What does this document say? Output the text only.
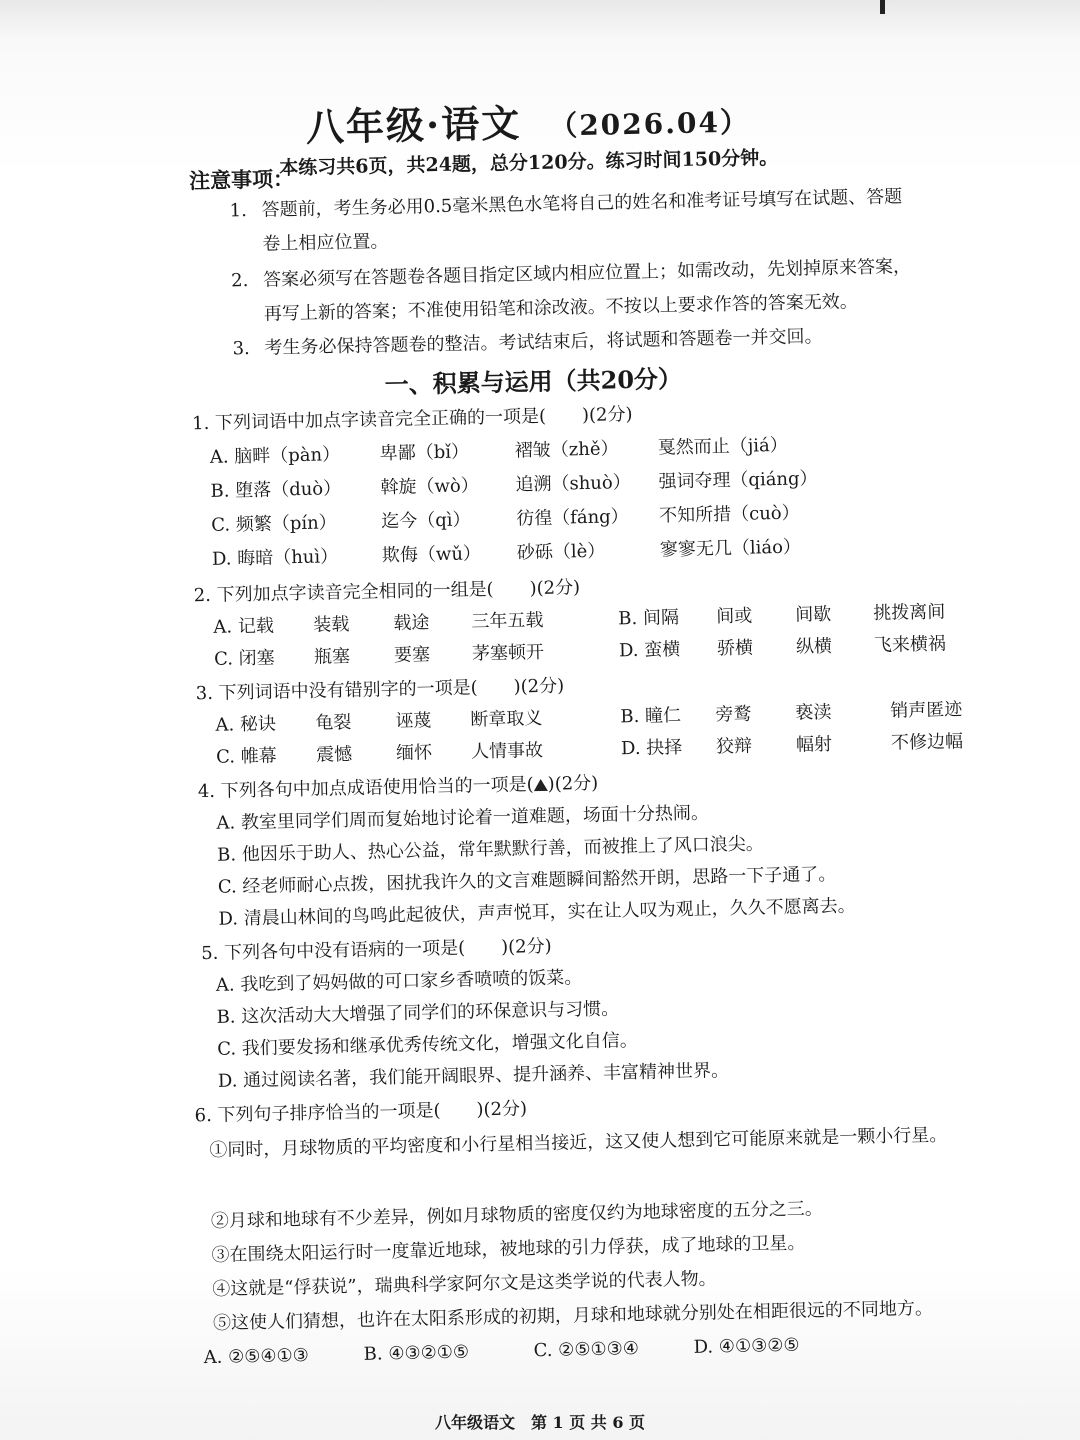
八年级·语文 （2026.04）
本练习共6页，共24题，总分120分。练习时间150分钟。
注意事项：
1. 答题前，考生务必用0.5毫米黑色水笔将自己的姓名和准考证号填写在试题、答题
卷上相应位置。
2. 答案必须写在答题卷各题目指定区域内相应位置上；如需改动，先划掉原来答案，
再写上新的答案；不准使用铅笔和涂改液。不按以上要求作答的答案无效。
3. 考生务必保持答题卷的整洁。考试结束后，将试题和答题卷一并交回。
一、积累与运用（共20分）
1. 下列词语中加点字读音完全正确的一项是(　　)(2分)
A. 脑畔（pàn） 卑鄙（bǐ）	褶皱（zhě） 戛然而止（jiá）
B. 堕落（duò） 斡旋（wò） 追溯（shuò） 强词夺理（qiáng）
C. 频繁（pín） 迄今（qì）	彷徨（fáng） 不知所措（cuò）
D. 晦暗（huì） 欺侮（wǔ） 砂砾（lè）	寥寥无几（liáo）
2. 下列加点字读音完全相同的一组是(　　)(2分)
A. 记载 装载 载途 三年五载	B. 间隔 间或 间歇 挑拨离间
C. 闭塞 瓶塞 要塞 茅塞顿开	D. 蛮横 骄横 纵横 飞来横祸
3. 下列词语中没有错别字的一项是(　　)(2分)
A. 秘诀 龟裂 诬蔑 断章取义	B. 瞳仁 旁鹜 亵渎	销声匿迹
C. 帷幕 震憾 缅怀 人情事故	D. 抉择 狡辩 幅射	不修边幅
4. 下列各句中加点成语使用恰当的一项是( )(2分)
A. 教室里同学们周而复始地讨论着一道难题，场面十分热闹。
B. 他因乐于助人、热心公益，常年默默行善，而被推上了风口浪尖。
C. 经老师耐心点拨，困扰我许久的文言难题瞬间豁然开朗，思路一下子通了。
D. 清晨山林间的鸟鸣此起彼伏，声声悦耳，实在让人叹为观止，久久不愿离去。
5. 下列各句中没有语病的一项是(　　)(2分)
A. 我吃到了妈妈做的可口家乡香喷喷的饭菜。
B. 这次活动大大增强了同学们的环保意识与习惯。
C. 我们要发扬和继承优秀传统文化，增强文化自信。
D. 通过阅读名著，我们能开阔眼界、提升涵养、丰富精神世界。
6. 下列句子排序恰当的一项是(　　)(2分)
①同时，月球物质的平均密度和小行星相当接近，这又使人想到它可能原来就是一颗小行星。
②月球和地球有不少差异，例如月球物质的密度仅约为地球密度的五分之三。
③在围绕太阳运行时一度靠近地球，被地球的引力俘获，成了地球的卫星。
④这就是“俘获说”，瑞典科学家阿尔文是这类学说的代表人物。
⑤这使人们猜想，也许在太阳系形成的初期，月球和地球就分别处在相距很远的不同地方。
A. ②⑤④①③	B. ④③②①⑤	C. ②⑤①③④	D. ④①③②⑤
八年级语文　第 1 页 共 6 页
